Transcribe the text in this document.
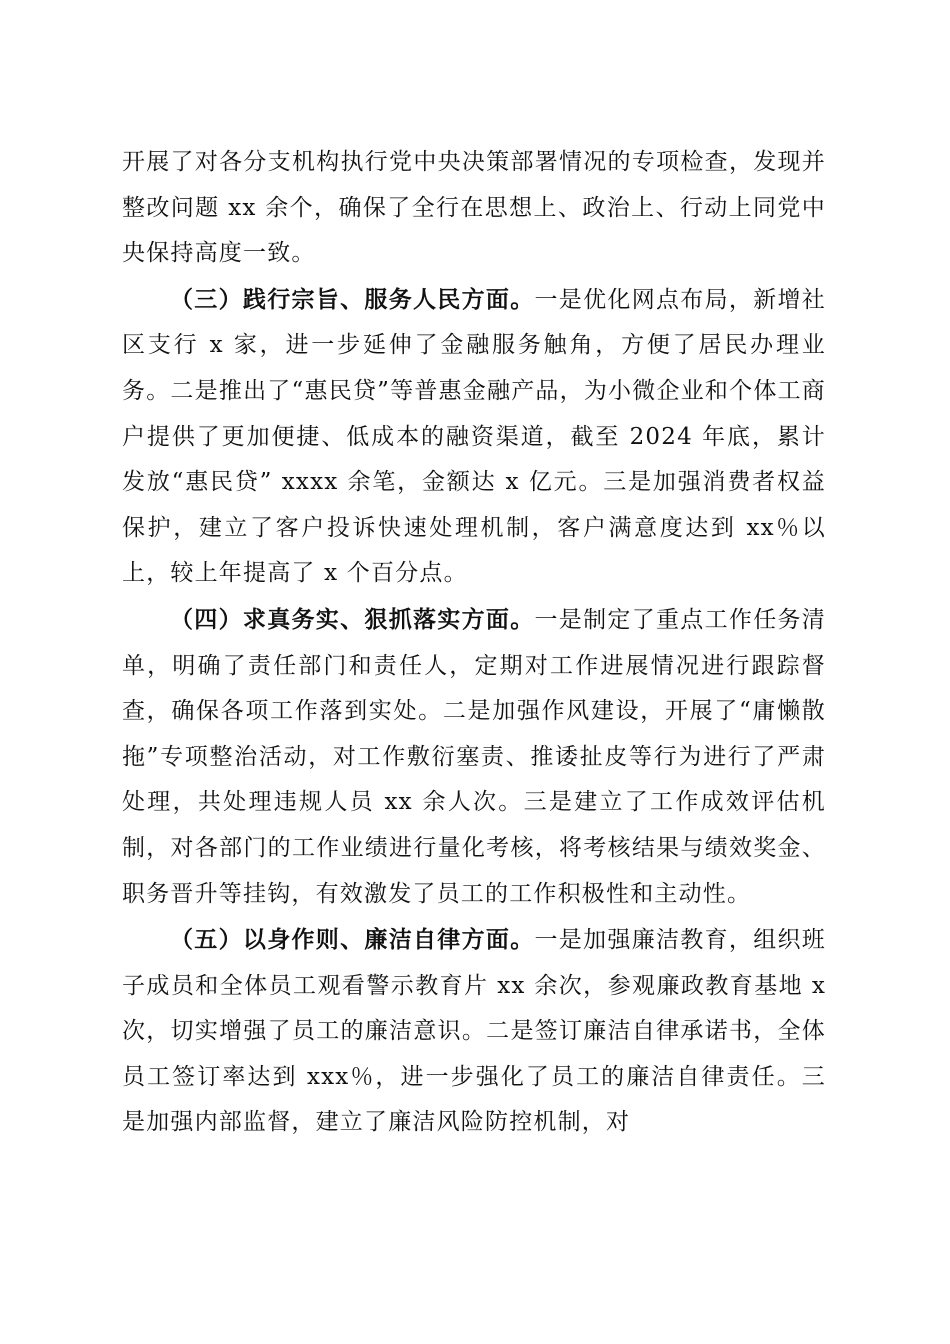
开展了对各分支机构执行党中央决策部署情况的专项检查，发现并整改问题 xx 余个，确保了全行在思想上、政治上、行动上同党中央保持高度一致。

（三）践行宗旨、服务人民方面。一是优化网点布局，新增社区支行 x 家，进一步延伸了金融服务触角，方便了居民办理业务。二是推出了“惠民贷”等普惠金融产品，为小微企业和个体工商户提供了更加便捷、低成本的融资渠道，截至 2024 年底，累计发放“惠民贷” xxxx 余笔，金额达 x 亿元。三是加强消费者权益保护，建立了客户投诉快速处理机制，客户满意度达到 xx％以上，较上年提高了 x 个百分点。

（四）求真务实、狠抓落实方面。一是制定了重点工作任务清单，明确了责任部门和责任人，定期对工作进展情况进行跟踪督查，确保各项工作落到实处。二是加强作风建设，开展了“庸懒散拖”专项整治活动，对工作敷衍塞责、推诿扯皮等行为进行了严肃处理，共处理违规人员 xx 余人次。三是建立了工作成效评估机制，对各部门的工作业绩进行量化考核，将考核结果与绩效奖金、职务晋升等挂钩，有效激发了员工的工作积极性和主动性。

（五）以身作则、廉洁自律方面。一是加强廉洁教育，组织班子成员和全体员工观看警示教育片 xx 余次，参观廉政教育基地 x 次，切实增强了员工的廉洁意识。二是签订廉洁自律承诺书，全体员工签订率达到 xxx％，进一步强化了员工的廉洁自律责任。三是加强内部监督，建立了廉洁风险防控机制，对
